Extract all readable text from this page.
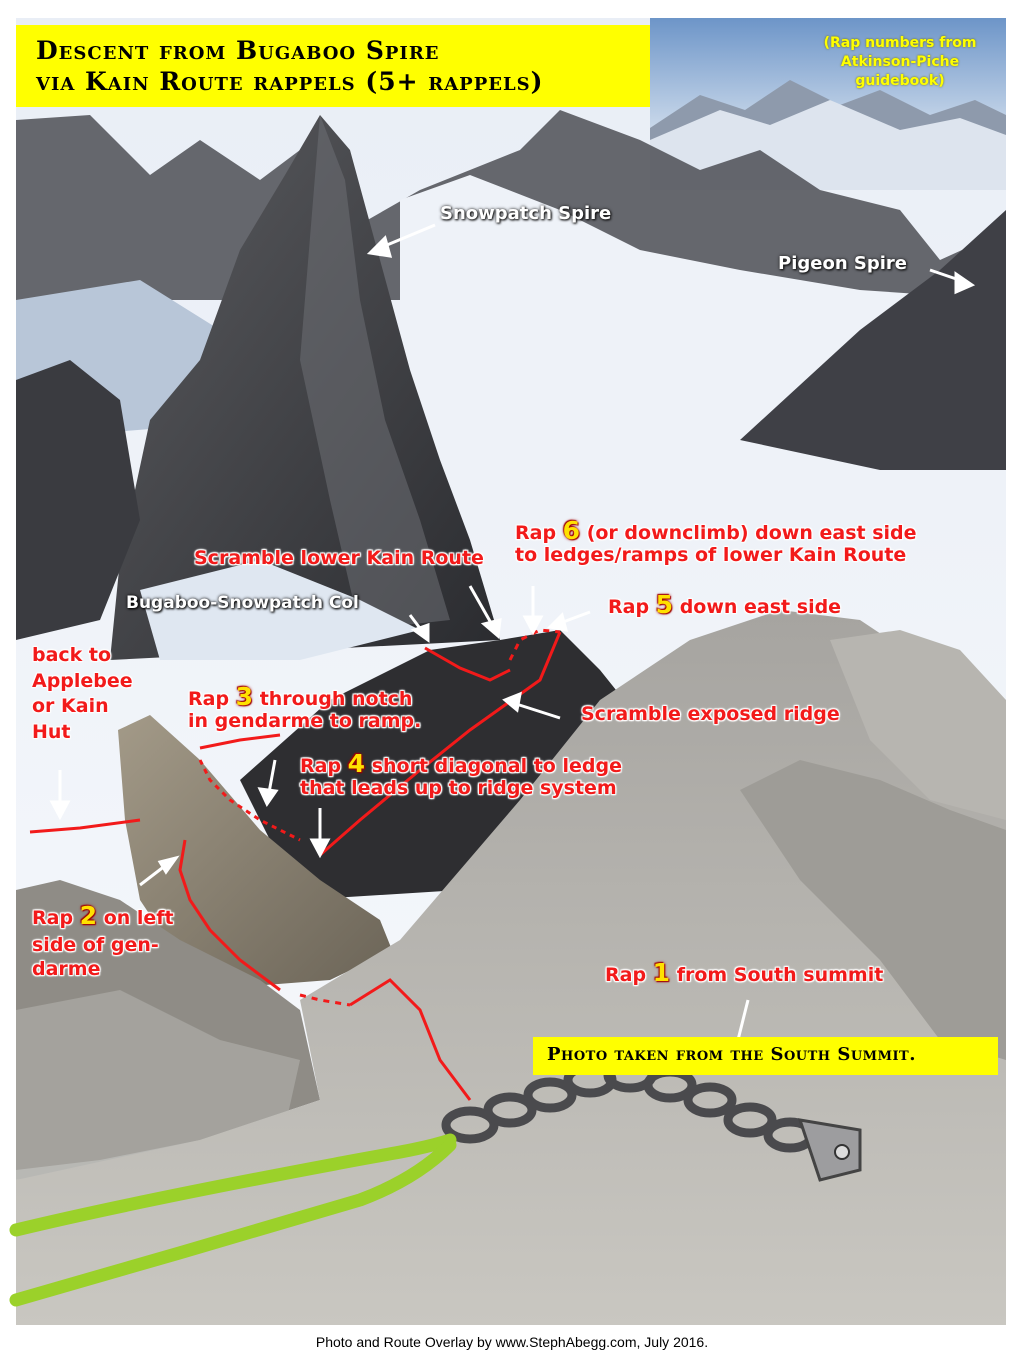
Descent from Bugaboo Spire
via Kain Route rappels (5+ rappels)
(Rap numbers from
Atkinson-Piche guidebook)
Snowpatch Spire
Pigeon Spire
Bugaboo-Snowpatch Col
Scramble lower Kain Route
Rap 6 (or downclimb) down east side
to ledges/ramps of lower Kain Route
Rap 5 down east side
back to
Applebee
or Kain
Hut
Rap 3 through notch
in gendarme to ramp.	Scramble exposed ridge
Rap 4 short diagonal to ledge
that leads up to ridge system
Rap 2 on left
side of gen-
darme	Rap 1 from South summit
Photo taken from the South Summit.
Photo and Route Overlay by www.StephAbegg.com, July 2016.
